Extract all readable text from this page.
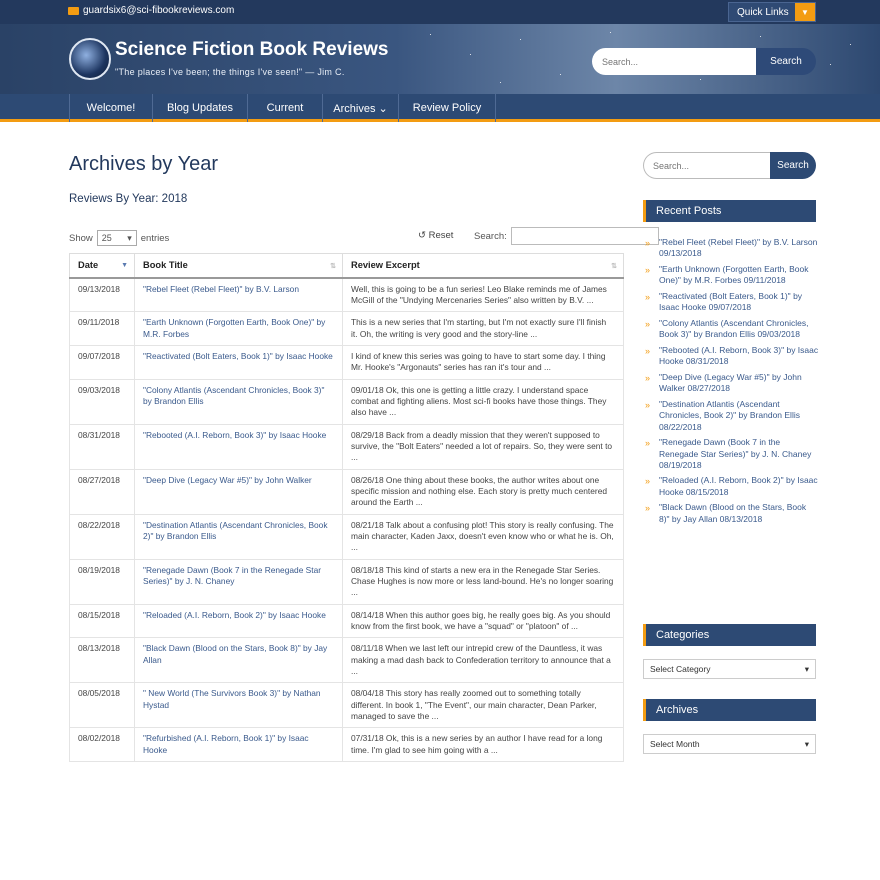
guardsix6@sci-fibookreviews.com	Quick Links	▼
Science Fiction Book Reviews
"The places I've been; the things I've seen!" — Jim C.
Search...
Search
Welcome!	Blog Updates	Current	Archives ⌄	Review Policy
Archives by Year
Reviews By Year: 2018
Show 25 ▾ entries	↺ Reset Search:
Date ▼	Book Title ⇅	Review Excerpt ⇅

09/13/2018	"Rebel Fleet (Rebel Fleet)" by B.V. Larson	Well, this is going to be a fun series! Leo Blake reminds me of James McGill of the "Undying Mercenaries Series" also written by B.V. ...
09/11/2018	"Earth Unknown (Forgotten Earth, Book One)" by M.R. Forbes	This is a new series that I'm starting, but I'm not exactly sure I'll finish it. Oh, the writing is very good and the story-line ...
09/07/2018	"Reactivated (Bolt Eaters, Book 1)" by Isaac Hooke	I kind of knew this series was going to have to start some day. I thing Mr. Hooke's "Argonauts" series has ran it's tour and ...
09/03/2018	"Colony Atlantis (Ascendant Chronicles, Book 3)" by Brandon Ellis	09/01/18 Ok, this one is getting a little crazy. I understand space combat and fighting aliens. Most sci-fi books have those things. They also have ...
08/31/2018	"Rebooted (A.I. Reborn, Book 3)" by Isaac Hooke	08/29/18 Back from a deadly mission that they weren't supposed to survive, the "Bolt Eaters" needed a lot of repairs. So, they were sent to ...
08/27/2018	"Deep Dive (Legacy War #5)" by John Walker	08/26/18 One thing about these books, the author writes about one specific mission and nothing else. Each story is pretty much centered around the Earth ...
08/22/2018	"Destination Atlantis (Ascendant Chronicles, Book 2)" by Brandon Ellis	08/21/18 Talk about a confusing plot! This story is really confusing. The main character, Kaden Jaxx, doesn't even know who or what he is. Oh, ...
08/19/2018	"Renegade Dawn (Book 7 in the Renegade Star Series)" by J. N. Chaney	08/18/18 This kind of starts a new era in the Renegade Star Series. Chase Hughes is now more or less land-bound. He's no longer soaring ...
08/15/2018	"Reloaded (A.I. Reborn, Book 2)" by Isaac Hooke	08/14/18 When this author goes big, he really goes big. As you should know from the first book, we have a "squad" or "platoon" of ...
08/13/2018	"Black Dawn (Blood on the Stars, Book 8)" by Jay Allan	08/11/18 When we last left our intrepid crew of the Dauntless, it was making a mad dash back to Confederation territory to announce that a ...
08/05/2018	" New World (The Survivors Book 3)" by Nathan Hystad	08/04/18 This story has really zoomed out to something totally different. In book 1, "The Event", our main character, Dean Parker, managed to save the ...
08/02/2018	"Refurbished (A.I. Reborn, Book 1)" by Isaac Hooke	07/31/18 Ok, this is a new series by an author I have read for a long time. I'm glad to see him going with a ...
Search...
Search
Recent Posts
» "Rebel Fleet (Rebel Fleet)" by B.V. Larson 09/13/2018
» "Earth Unknown (Forgotten Earth, Book One)" by M.R. Forbes 09/11/2018
» "Reactivated (Bolt Eaters, Book 1)" by Isaac Hooke 09/07/2018
» "Colony Atlantis (Ascendant Chronicles, Book 3)" by Brandon Ellis 09/03/2018
» "Rebooted (A.I. Reborn, Book 3)" by Isaac Hooke 08/31/2018
» "Deep Dive (Legacy War #5)" by John Walker 08/27/2018
» "Destination Atlantis (Ascendant Chronicles, Book 2)" by Brandon Ellis 08/22/2018
» "Renegade Dawn (Book 7 in the Renegade Star Series)" by J. N. Chaney 08/19/2018
» "Reloaded (A.I. Reborn, Book 2)" by Isaac Hooke 08/15/2018
» "Black Dawn (Blood on the Stars, Book 8)" by Jay Allan 08/13/2018
Categories
Select Category	▾
Archives
Select Month	▾
